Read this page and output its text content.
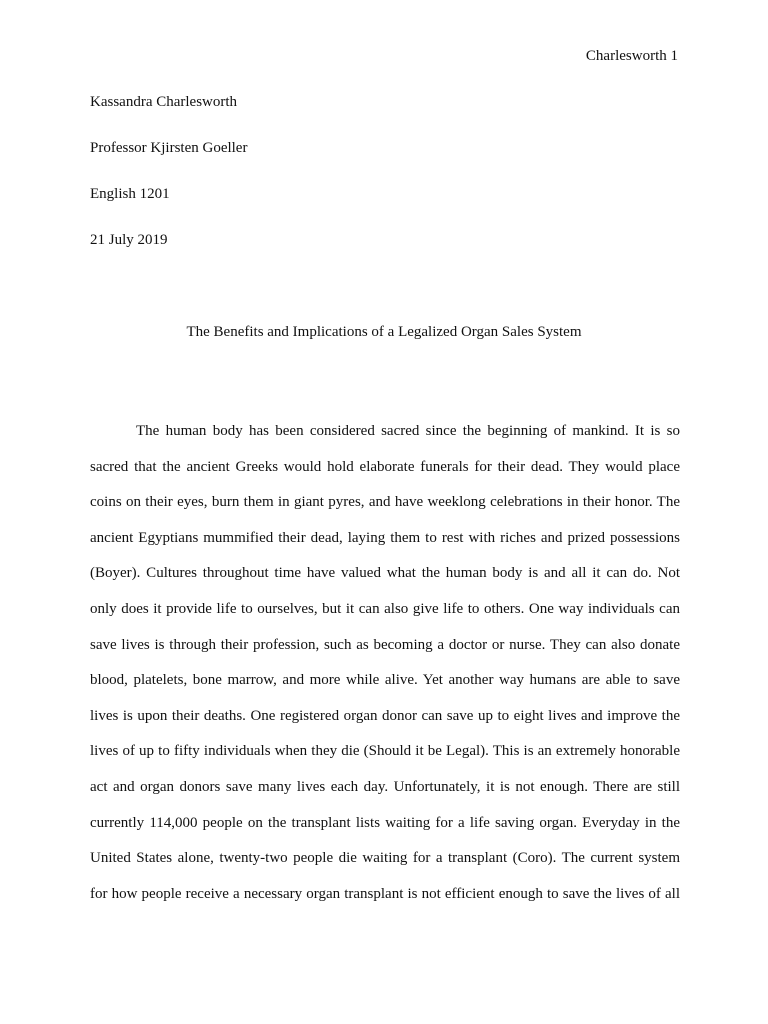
Charlesworth 1

Kassandra Charlesworth

Professor Kjirsten Goeller

English 1201

21 July 2019

The Benefits and Implications of a Legalized Organ Sales System

The human body has been considered sacred since the beginning of mankind. It is so
sacred that the ancient Greeks would hold elaborate funerals for their dead. They would place
coins on their eyes, burn them in giant pyres, and have weeklong celebrations in their honor. The
ancient Egyptians mummified their dead, laying them to rest with riches and prized possessions
(Boyer). Cultures throughout time have valued what the human body is and all it can do. Not
only does it provide life to ourselves, but it can also give life to others. One way individuals can
save lives is through their profession, such as becoming a doctor or nurse. They can also donate
blood, platelets, bone marrow, and more while alive. Yet another way humans are able to save
lives is upon their deaths. One registered organ donor can save up to eight lives and improve the
lives of up to fifty individuals when they die (Should it be Legal). This is an extremely honorable
act and organ donors save many lives each day. Unfortunately, it is not enough. There are still
currently 114,000 people on the transplant lists waiting for a life saving organ. Everyday in the
United States alone, twenty-two people die waiting for a transplant (Coro). The current system
for how people receive a necessary organ transplant is not efficient enough to save the lives of all
